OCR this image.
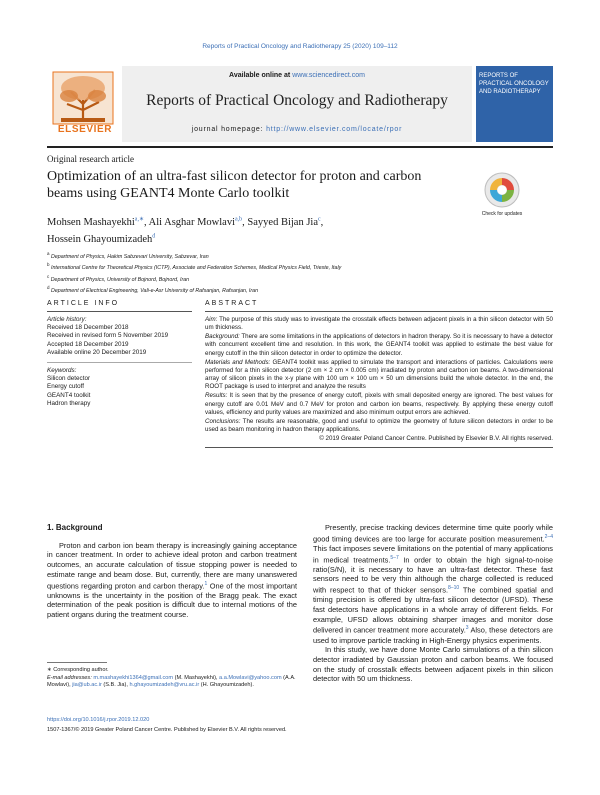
Reports of Practical Oncology and Radiotherapy 25 (2020) 109–112
ELSEVIER
Available online at www.sciencedirect.com
Reports of Practical Oncology and Radiotherapy
journal homepage: http://www.elsevier.com/locate/rpor
REPORTS OF PRACTICAL ONCOLOGY AND RADIOTHERAPY
Original research article
Optimization of an ultra-fast silicon detector for proton and carbon beams using GEANT4 Monte Carlo toolkit
Check for updates
Mohsen Mashayekhi$^{a,∗}$, Ali Asghar Mowlavi$^{a,b}$, Sayyed Bijan Jia$^c$,
Hossein Ghayoumizadeh$^d$
$^a$ Department of Physics, Hakim Sabzevari University, Sabzevar, Iran
$^b$ International Centre for Theoretical Physics (ICTP), Associate and Federation Schemes, Medical Physics Field, Trieste, Italy
$^c$ Department of Physics, University of Bojnord, Bojnord, Iran
$^d$ Department of Electrical Engineering, Vali-e-Asr University of Rafsanjan, Rafsanjan, Iran
ARTICLE INFO
Article history:
Received 18 December 2018
Received in revised form 5 November 2019
Accepted 18 December 2019
Available online 20 December 2019
Keywords:
Silicon detector
Energy cutoff
GEANT4 toolkit
Hadron therapy
ABSTRACT
Aim: The purpose of this study was to investigate the crosstalk effects between adjacent pixels in a thin silicon detector with 50 um thickness.
Background: There are some limitations in the applications of detectors in hadron therapy. So it is necessary to have a detector with concurrent excellent time and resolution. In this work, the GEANT4 toolkit was applied to estimate the best value for energy cutoff in the thin silicon detector in order to optimize the detector.
Materials and Methods: GEANT4 toolkit was applied to simulate the transport and interactions of particles. Calculations were performed for a thin silicon detector (2 cm × 2 cm × 0.005 cm) irradiated by proton and carbon ion beams. A two-dimensional array of silicon pixels in the x-y plane with 100 um × 100 um × 50 um dimensions build the whole detector. In the end, the ROOT package is used to interpret and analyze the results
Results: It is seen that by the presence of energy cutoff, pixels with small deposited energy are ignored. The best values for energy cutoff are 0.01 MeV and 0.7 MeV for proton and carbon ion beams, respectively. By applying these energy cutoff values, efficiency and purity values are maximized and also minimum output errors are achieved.
Conclusions: The results are reasonable, good and useful to optimize the geometry of future silicon detectors in order to be used as beam monitoring in hadron therapy applications.
© 2019 Greater Poland Cancer Centre. Published by Elsevier B.V. All rights reserved.
1. Background

Proton and carbon ion beam therapy is increasingly gaining acceptance in cancer treatment. In order to achieve ideal proton and carbon treatment outcomes, an accurate calculation of tissue stopping power is needed to estimate range and beam dose. But, currently, there are many unanswered questions regarding proton and carbon therapy.$^1$ One of the most important unknowns is the uncertainty in the position of the Bragg peak. The exact determination of the peak position is difficult due to internal motions of the patient organs during the treatment course.

Presently, precise tracking devices determine time quite poorly while good timing devices are too large for accurate position measurement.$^{2-4}$ This fact imposes severe limitations on the potential of many applications in medical treatments.$^{5-7}$ In order to obtain the high signal-to-noise ratio(S/N), it is necessary to have an ultra-fast detector. These fast sensors need to be very thin although the charge collected is reduced with respect to that of thicker sensors.$^{8-10}$ The combined spatial and timing precision is offered by ultra-fast silicon detector (UFSD). These fast detectors have applications in a whole array of different fields. For example, UFSD allows obtaining sharper images and monitor dose delivered in cancer treatment more accurately.$^3$ Also, these detectors are used to improve particle tracking in High-Energy physics experiments.

In this study, we have done Monte Carlo simulations of a thin silicon detector irradiated by Gaussian proton and carbon beams. We focused on the study of crosstalk effects between adjacent pixels in thin silicon detector with 50 um thickness.

∗ Corresponding author.
E-mail addresses: m.mashayekhi1364@gmail.com (M. Mashayekhi), a.a.Mowlavi@yahoo.com (A.A. Mowlavi), jia@ub.ac.ir (S.B. Jia), h.ghayoumizadeh@vru.ac.ir (H. Ghayoumizadeh).
https://doi.org/10.1016/j.rpor.2019.12.020
1507-1367/© 2019 Greater Poland Cancer Centre. Published by Elsevier B.V. All rights reserved.
